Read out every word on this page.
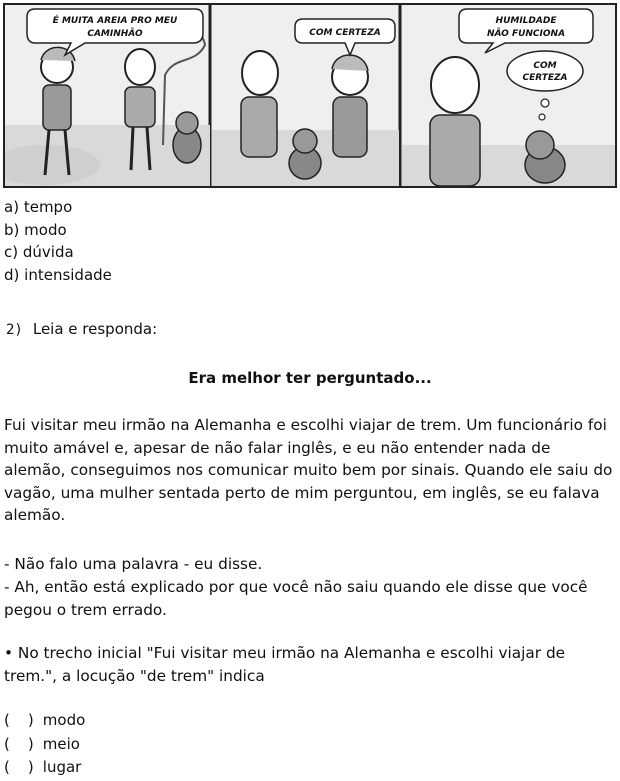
É MUITA AREIA PRO MEU
CAMINHÃO	COM CERTEZA
HUMILDADE
NÃO FUNCIONA
COM
CERTEZA
a) tempo
b) modo
c) dúvida
d) intensidade
2) Leia e responda:
Era melhor ter perguntado...
Fui visitar meu irmão na Alemanha e escolhi viajar de trem. Um funcionário foi muito amável e, apesar de não falar inglês, e eu não entender nada de alemão, conseguimos nos comunicar muito bem por sinais. Quando ele saiu do vagão, uma mulher sentada perto de mim perguntou, em inglês, se eu falava alemão.
- Não falo uma palavra - eu disse.
- Ah, então está explicado por que você não saiu quando ele disse que você pegou o trem errado.
• No trecho inicial "Fui visitar meu irmão na Alemanha e escolhi viajar de trem.", a locução "de trem" indica
( ) modo
( ) meio
( ) lugar
